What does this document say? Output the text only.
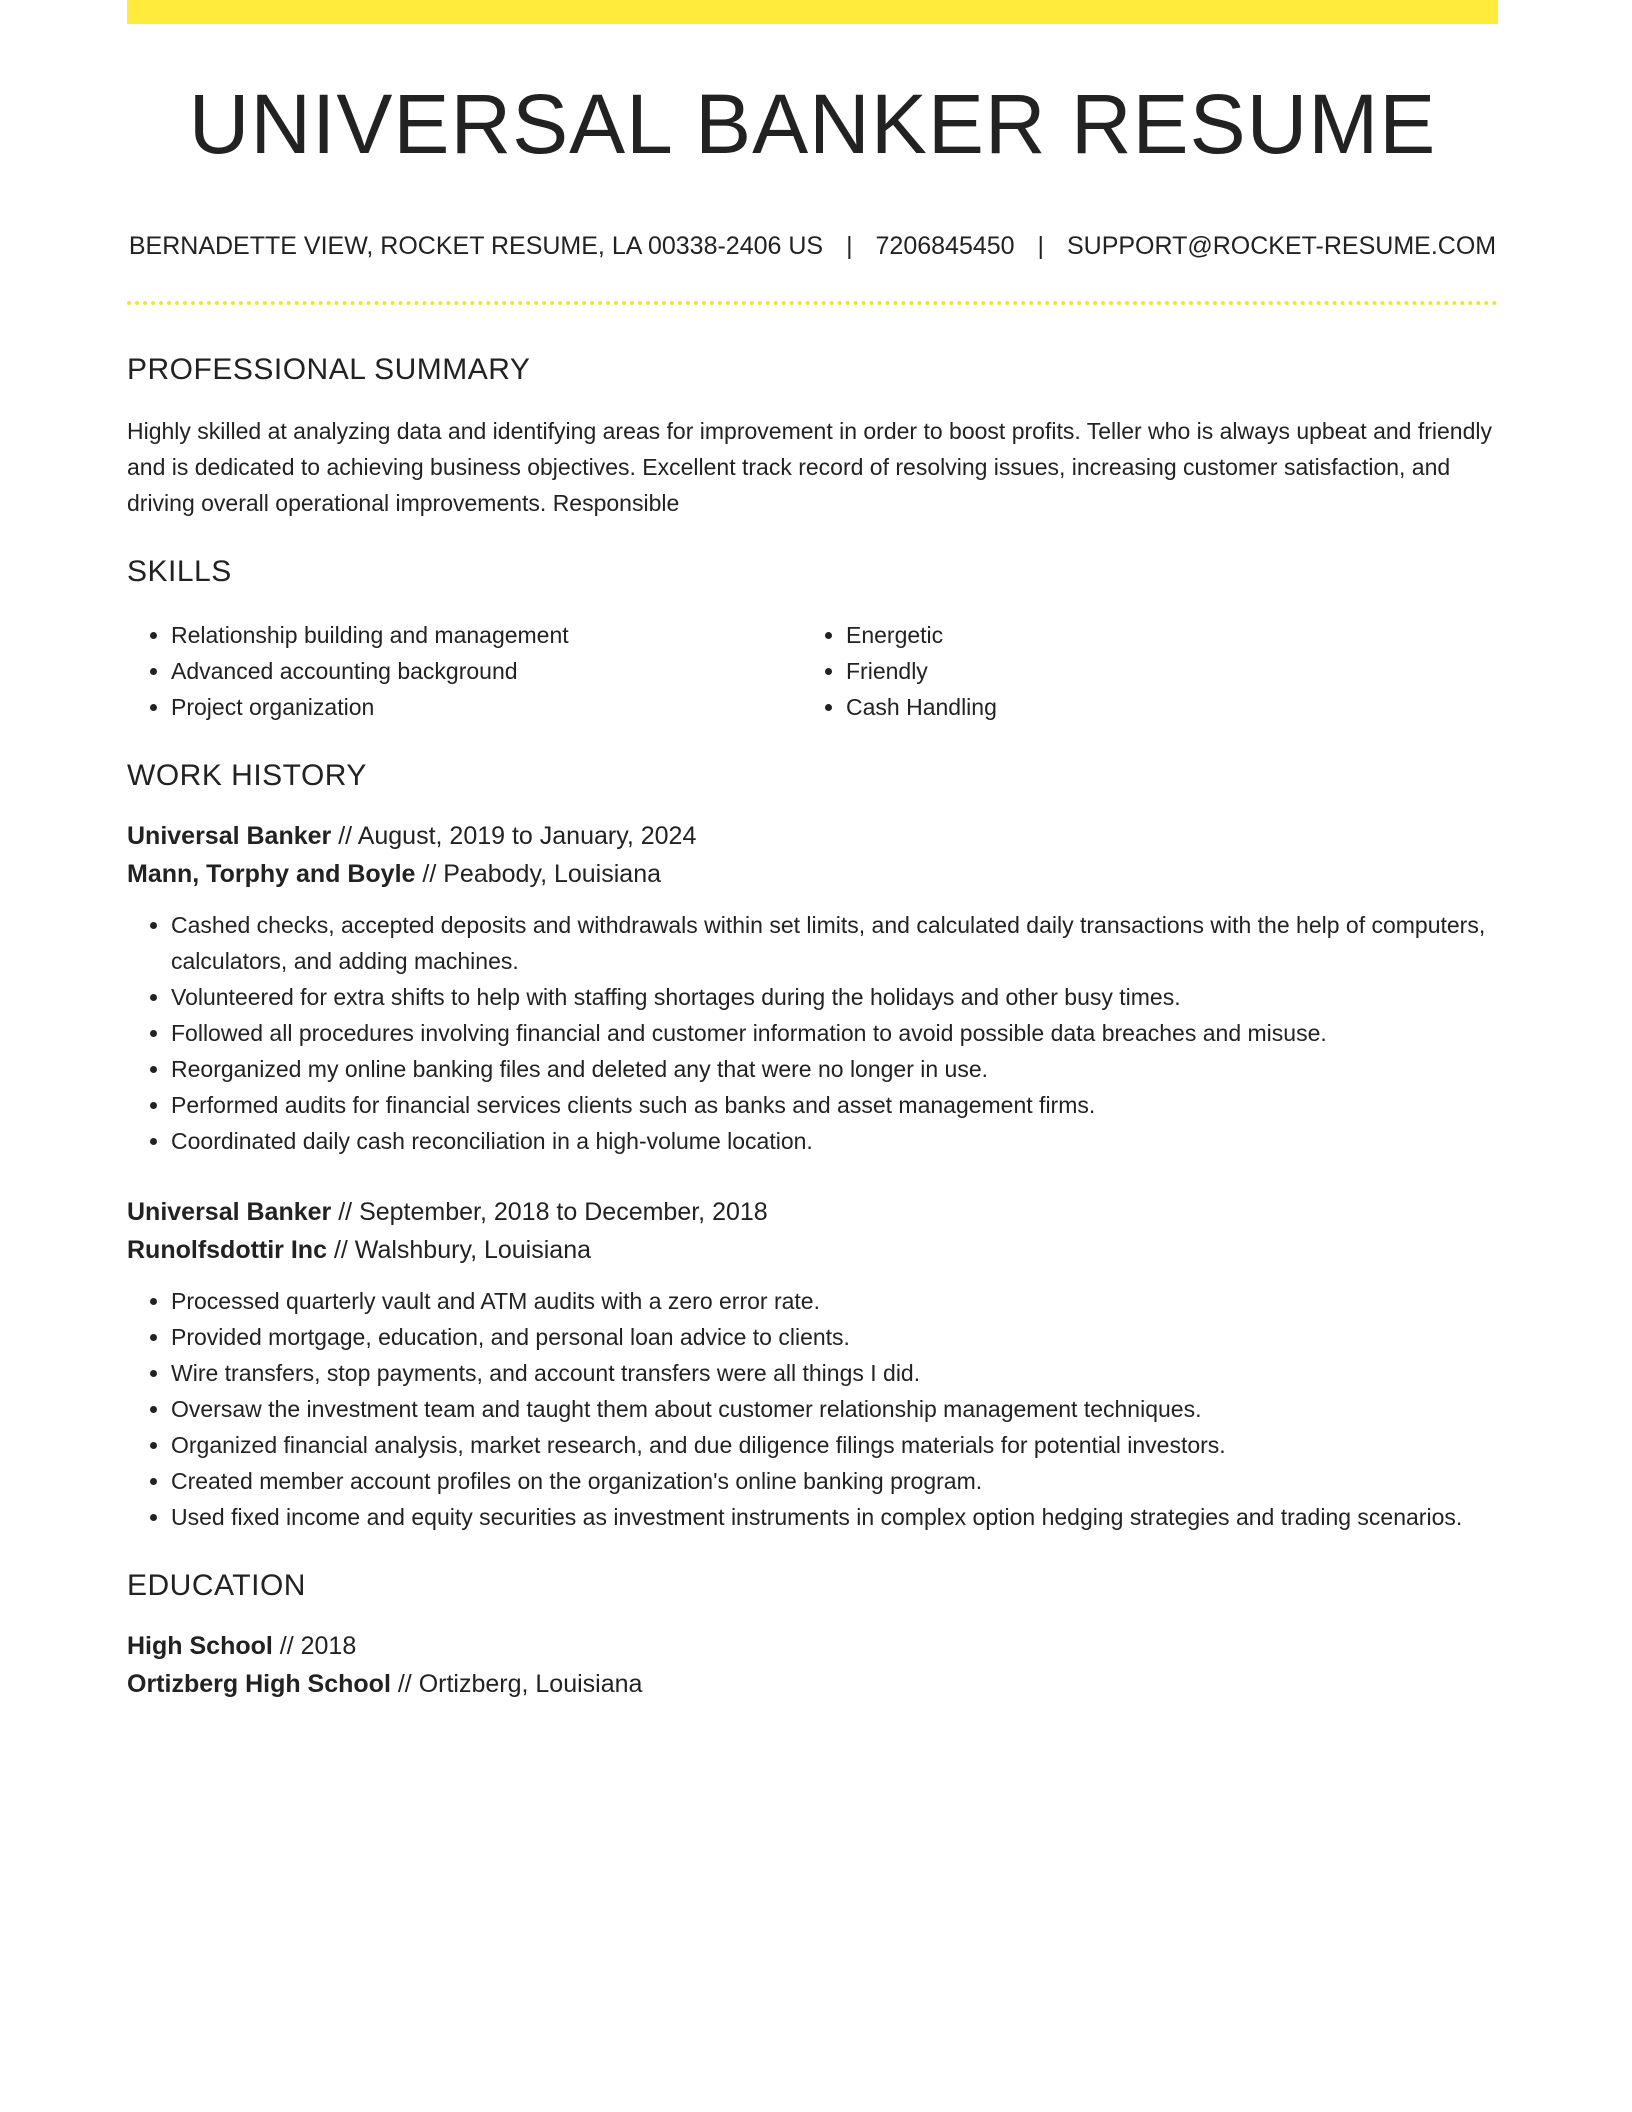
UNIVERSAL BANKER RESUME
BERNADETTE VIEW, ROCKET RESUME, LA 00338-2406 US | 7206845450 | SUPPORT@ROCKET-RESUME.COM
PROFESSIONAL SUMMARY

Highly skilled at analyzing data and identifying areas for improvement in order to boost profits. Teller who is always upbeat and friendly and is dedicated to achieving business objectives. Excellent track record of resolving issues, increasing customer satisfaction, and driving overall operational improvements. Responsible

SKILLS
• Relationship building and management
• Advanced accounting background
• Project organization
• Energetic
• Friendly
• Cash Handling
WORK HISTORY

Universal Banker // August, 2019 to January, 2024

Mann, Torphy and Boyle // Peabody, Louisiana

• Cashed checks, accepted deposits and withdrawals within set limits, and calculated daily transactions with the help of computers, calculators, and adding machines.
• Volunteered for extra shifts to help with staffing shortages during the holidays and other busy times.
• Followed all procedures involving financial and customer information to avoid possible data breaches and misuse.
• Reorganized my online banking files and deleted any that were no longer in use.
• Performed audits for financial services clients such as banks and asset management firms.
• Coordinated daily cash reconciliation in a high-volume location.

Universal Banker // September, 2018 to December, 2018

Runolfsdottir Inc // Walshbury, Louisiana

• Processed quarterly vault and ATM audits with a zero error rate.
• Provided mortgage, education, and personal loan advice to clients.
• Wire transfers, stop payments, and account transfers were all things I did.
• Oversaw the investment team and taught them about customer relationship management techniques.
• Organized financial analysis, market research, and due diligence filings materials for potential investors.
• Created member account profiles on the organization's online banking program.
• Used fixed income and equity securities as investment instruments in complex option hedging strategies and trading scenarios.
EDUCATION

High School // 2018

Ortizberg High School // Ortizberg, Louisiana
